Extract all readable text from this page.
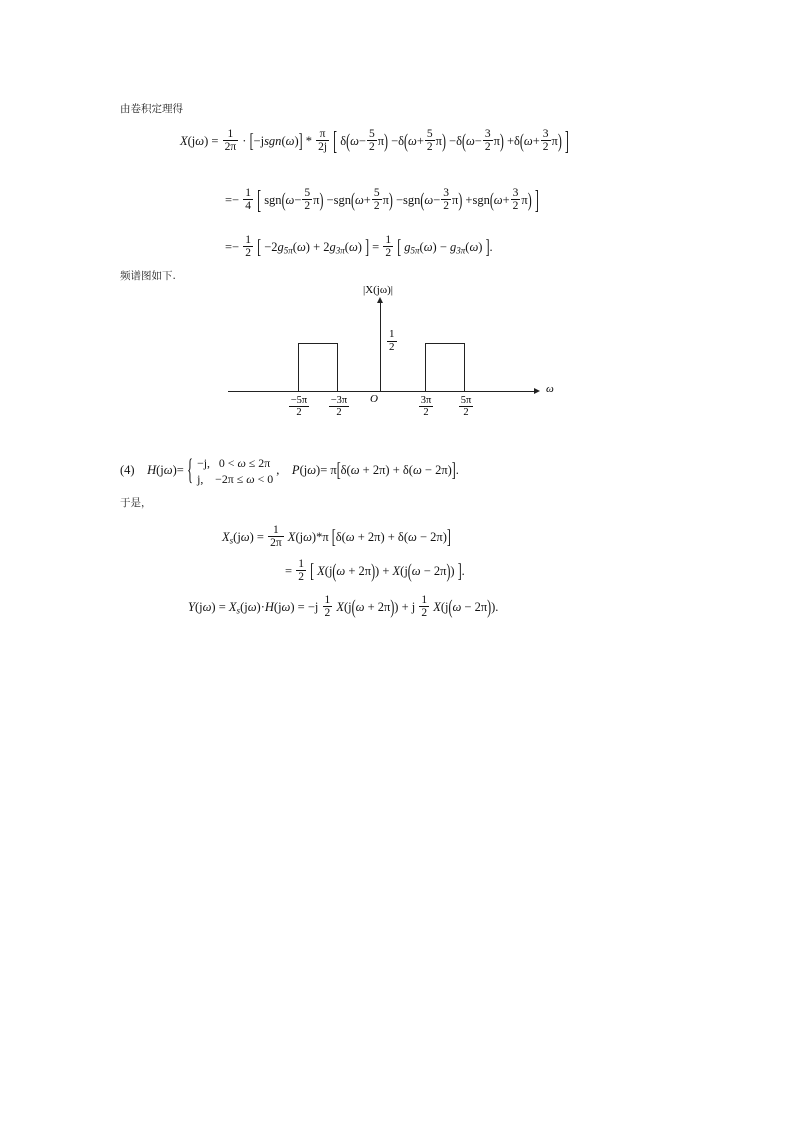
由卷积定理得
$X(j\omega) = \frac{1}{2\pi}$ · [−jsgn(ω)] * $\frac{\pi}{2j}$ [ $\delta(\omega- \frac{5}{2} \pi) -\delta(\omega+ \frac{5}{2} \pi) -\delta(\omega- \frac{3}{2} \pi) +\delta(\omega+ \frac{3}{2} \pi)$ ]
=− $\frac{1}{4}$ [ $sgn(\omega- \frac{5}{2} \pi) -sgn(\omega+ \frac{5}{2} \pi) -sgn(\omega- \frac{3}{2} \pi) +sgn(\omega+ \frac{3}{2} \pi)$ ]
=− $\frac{1}{2}$ [ $-2g_{5\pi}(\omega) + 2g_{3\pi}(\omega)$ ] = $\frac{1}{2}$ [ $g_{5\pi}(\omega) - g_{3\pi}(\omega)$ ].
频谱图如下.
|X(jω)|
ω
$\frac{1}{2}$
O
$\frac{-5\pi}{2} \frac{-3\pi}{2}$	$\frac{3\pi}{2} \frac{5\pi}{2}$
(4) H(jω)= { −j,   0 < ω ≤ 2π
j,    −2π ≤ ω < 0
, P(jω)= π[δ(ω + 2π) + δ(ω − 2π)].
于是，
$X_s(j\omega) = \frac{1}{2\pi} X(j\omega)*\pi$ [δ(ω + 2π) + δ(ω − 2π)]
= $\frac{1}{2}$ [ X(j(ω + 2π)) + X(j(ω − 2π)) ].
$Y(j\omega) = X_s(j\omega)\cdot H(j\omega) = -j \frac{1}{2} X(j(\omega + 2\pi)) + j \frac{1}{2} X(j(\omega - 2\pi))$.
